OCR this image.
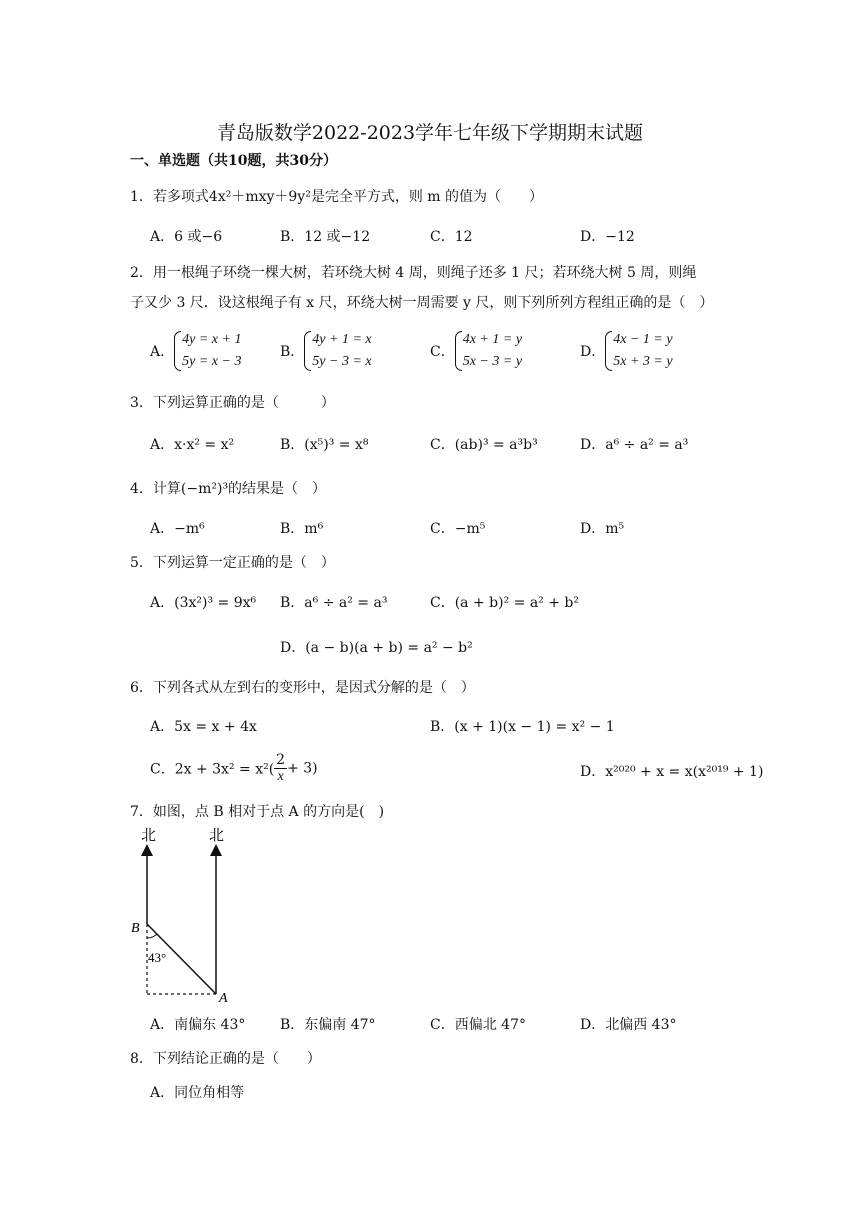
青岛版数学2022-2023学年七年级下学期期末试题
一、单选题（共10题，共30分）
1．若多项式4x²＋mxy＋9y²是完全平方式，则 m 的值为（　　）
A．6 或−6	B．12 或−12	C．12	D．−12
2．用一根绳子环绕一棵大树，若环绕大树 4 周，则绳子还多 1 尺；若环绕大树 5 周，则绳
子又少 3 尺．设这根绳子有 x 尺，环绕大树一周需要 y 尺，则下列所列方程组正确的是（　）
A．
4y = x + 1
5y = x − 3
B．
4y + 1 = x
5y − 3 = x
C．
4x + 1 = y
5x − 3 = y
D．
4x − 1 = y
5x + 3 = y
3．下列运算正确的是（　　　）
A．x·x² = x²	B．(x⁵)³ = x⁸	C．(ab)³ = a³b³	D．a⁶ ÷ a² = a³
4．计算(−m²)³的结果是（　）
A．−m⁶	B．m⁶	C．−m⁵	D．m⁵
5．下列运算一定正确的是（　）
A．(3x²)³ = 9x⁶ B．a⁶ ÷ a² = a³	C．(a + b)² = a² + b²
D．(a − b)(a + b) = a² − b²
6．下列各式从左到右的变形中，是因式分解的是（　）
A．5x = x + 4x	B．(x + 1)(x − 1) = x² − 1
C．$2x + 3x^2 = x^2( \frac{2}{x} + 3)$	D．x²⁰²⁰ + x = x(x²⁰¹⁹ + 1)
7．如图，点 B 相对于点 A 的方向是(　)
北	北
B
A
43°
A．南偏东 43° B．东偏南 47°	C．西偏北 47°	D．北偏西 43°
8．下列结论正确的是（　　）
A．同位角相等
